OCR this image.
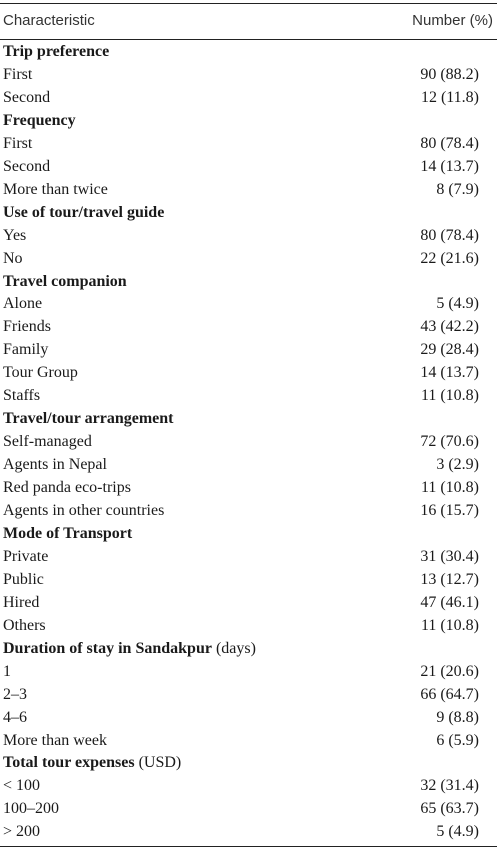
Characteristic	Number (%)
Trip preference
First	90 (88.2)
Second	12 (11.8)
Frequency
First	80 (78.4)
Second	14 (13.7)
More than twice	8 (7.9)
Use of tour/travel guide
Yes	80 (78.4)
No	22 (21.6)
Travel companion
Alone	5 (4.9)
Friends	43 (42.2)
Family	29 (28.4)
Tour Group	14 (13.7)
Staffs	11 (10.8)
Travel/tour arrangement
Self-managed	72 (70.6)
Agents in Nepal	3 (2.9)
Red panda eco-trips	11 (10.8)
Agents in other countries	16 (15.7)
Mode of Transport
Private	31 (30.4)
Public	13 (12.7)
Hired	47 (46.1)
Others	11 (10.8)
Duration of stay in Sandakpur (days)
1	21 (20.6)
2–3	66 (64.7)
4–6	9 (8.8)
More than week	6 (5.9)
Total tour expenses (USD)
< 100	32 (31.4)
100–200	65 (63.7)
> 200	5 (4.9)
